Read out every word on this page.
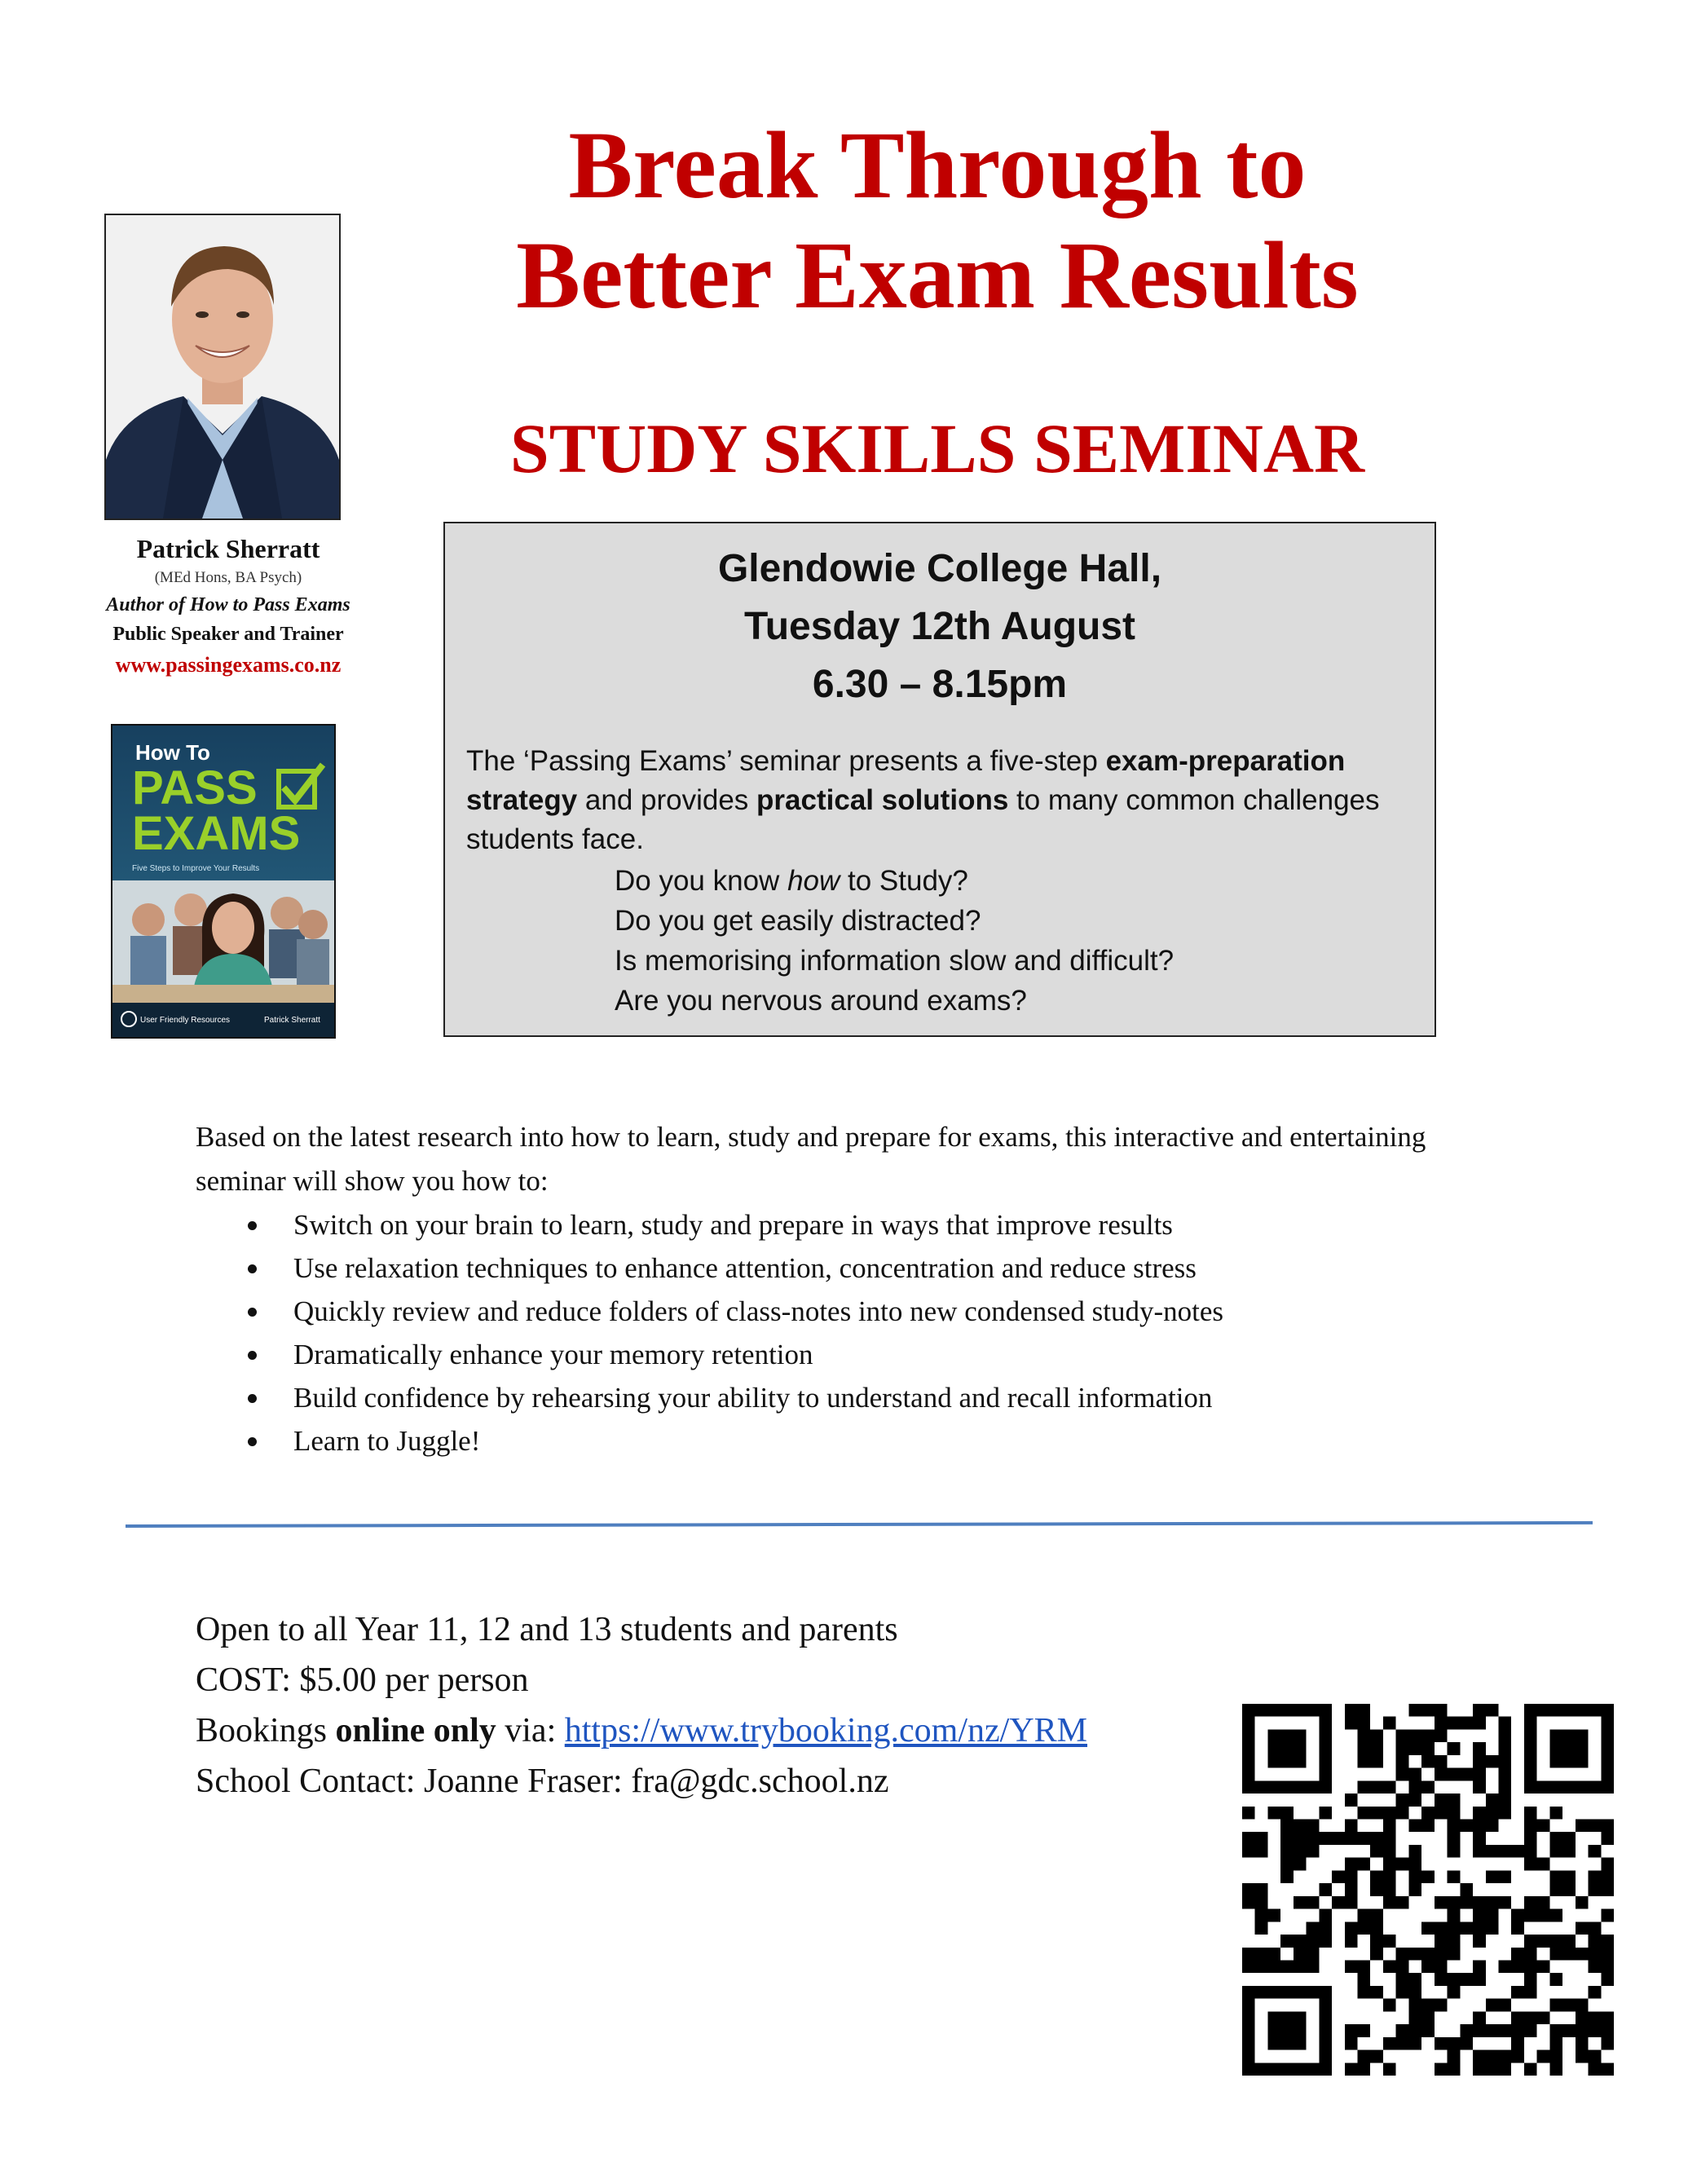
Break Through to
Better Exam Results
STUDY SKILLS SEMINAR
Patrick Sherratt
(MEd Hons, BA Psych)
Author of How to Pass Exams
Public Speaker and Trainer
www.passingexams.co.nz
How To
PASS
EXAMS
Five Steps to Improve Your Results
User Friendly Resources	Patrick Sherratt
Glendowie College Hall,
Tuesday 12th August
6.30 – 8.15pm
The ‘Passing Exams’ seminar presents a five-step exam-preparation strategy and provides practical solutions to many common challenges students face.
Do you know how to Study?
Do you get easily distracted?
Is memorising information slow and difficult?
Are you nervous around exams?
Based on the latest research into how to learn, study and prepare for exams, this interactive and entertaining seminar will show you how to:
Switch on your brain to learn, study and prepare in ways that improve results
Use relaxation techniques to enhance attention, concentration and reduce stress
Quickly review and reduce folders of class-notes into new condensed study-notes
Dramatically enhance your memory retention
Build confidence by rehearsing your ability to understand and recall information
Learn to Juggle!
Open to all Year 11, 12 and 13 students and parents
COST: $5.00 per person
Bookings online only via: https://www.trybooking.com/nz/YRM
School Contact: Joanne Fraser: fra@gdc.school.nz
